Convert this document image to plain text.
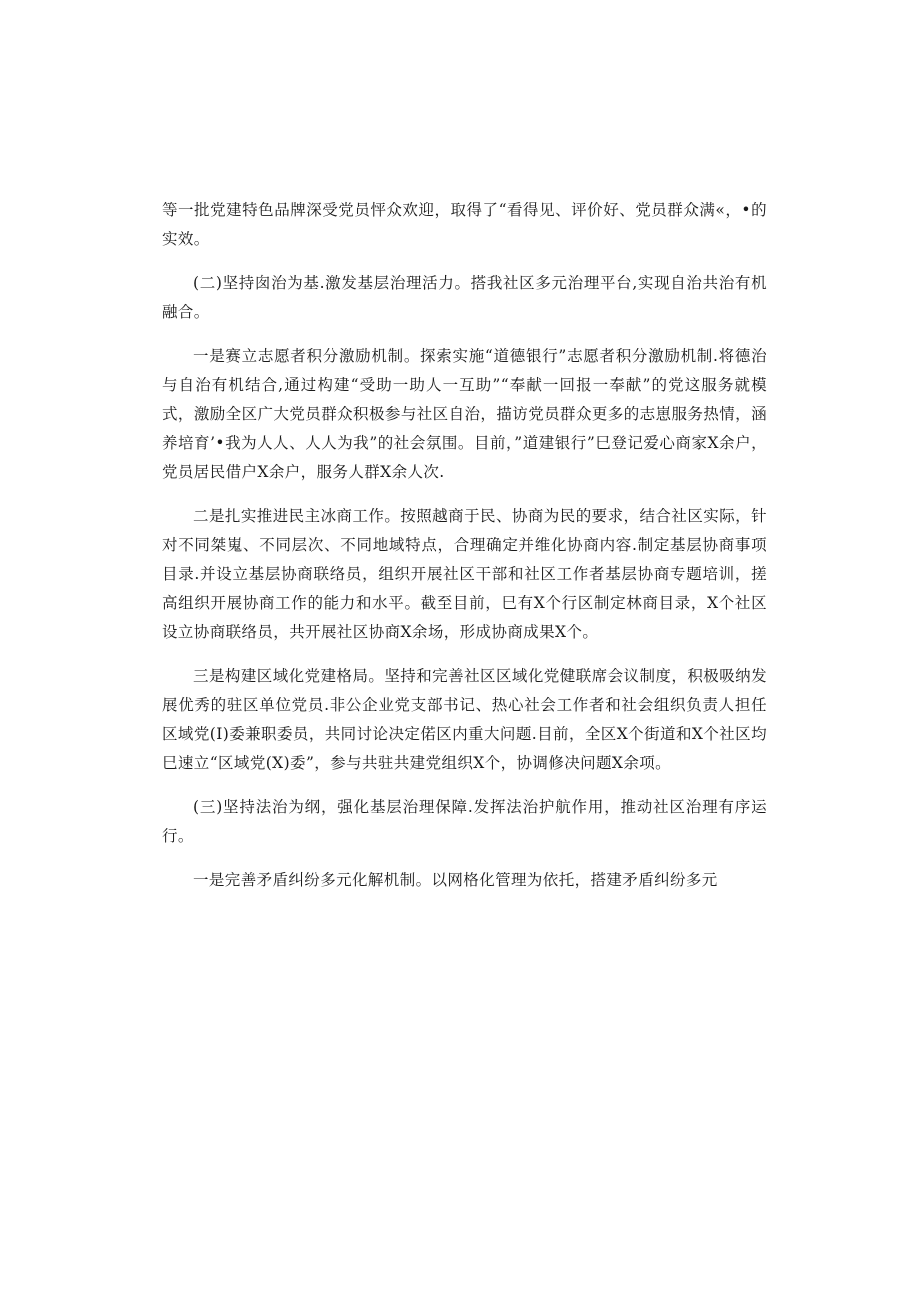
等一批党建特色品牌深受党员怦众欢迎，取得了“看得见、评价好、党员群众满«，•的实效。

(二)坚持囱治为基.激发基层治理活力。搭我社区多元治理平台,实现自治共治有机融合。

一是赛立志愿者积分激励机制。探索实施“道德银行”志愿者积分激励机制.将德治与自治有机结合,通过构建“受助一助人一互助”“奉献一回报一奉献”的党这服务就模式，激励全区广大党员群众积极参与社区自治，描访党员群众更多的志崽服务热情，涵养培育’•我为人人、人人为我”的社会氛围。目前，”道建银行”巳登记爱心商家X余户，党员居民借户X余户，服务人群X余人次.

二是扎实推进民主冰商工作。按照越商于民、协商为民的要求，结合社区实际，针对不同桀嵬、不同层次、不同地域特点，合理确定并维化协商内容.制定基层协商事项目录.并设立基层协商联络员，组织开展社区干部和社区工作者基层协商专题培训，搓高组织开展协商工作的能力和水平。截至目前，巳有X个行区制定林商目录，X个社区设立协商联络员，共开展社区协商X余场，形成协商成果X个。

三是构建区域化党建格局。坚持和完善社区区域化党健联席会议制度，积极吸纳发展优秀的驻区单位党员.非公企业党支部书记、热心社会工作者和社会组织负责人担任区域党(I)委兼职委员，共同讨论决定偌区内重大问题.目前，全区X个街道和X个社区均巳速立“区域党(X)委”，参与共驻共建党组织X个，协调修决问题X余项。

(三)坚持法治为纲，强化基层治理保障.发挥法治护航作用，推动社区治理有序运行。

一是完善矛盾纠纷多元化解机制。以网格化管理为依托，搭建矛盾纠纷多元
